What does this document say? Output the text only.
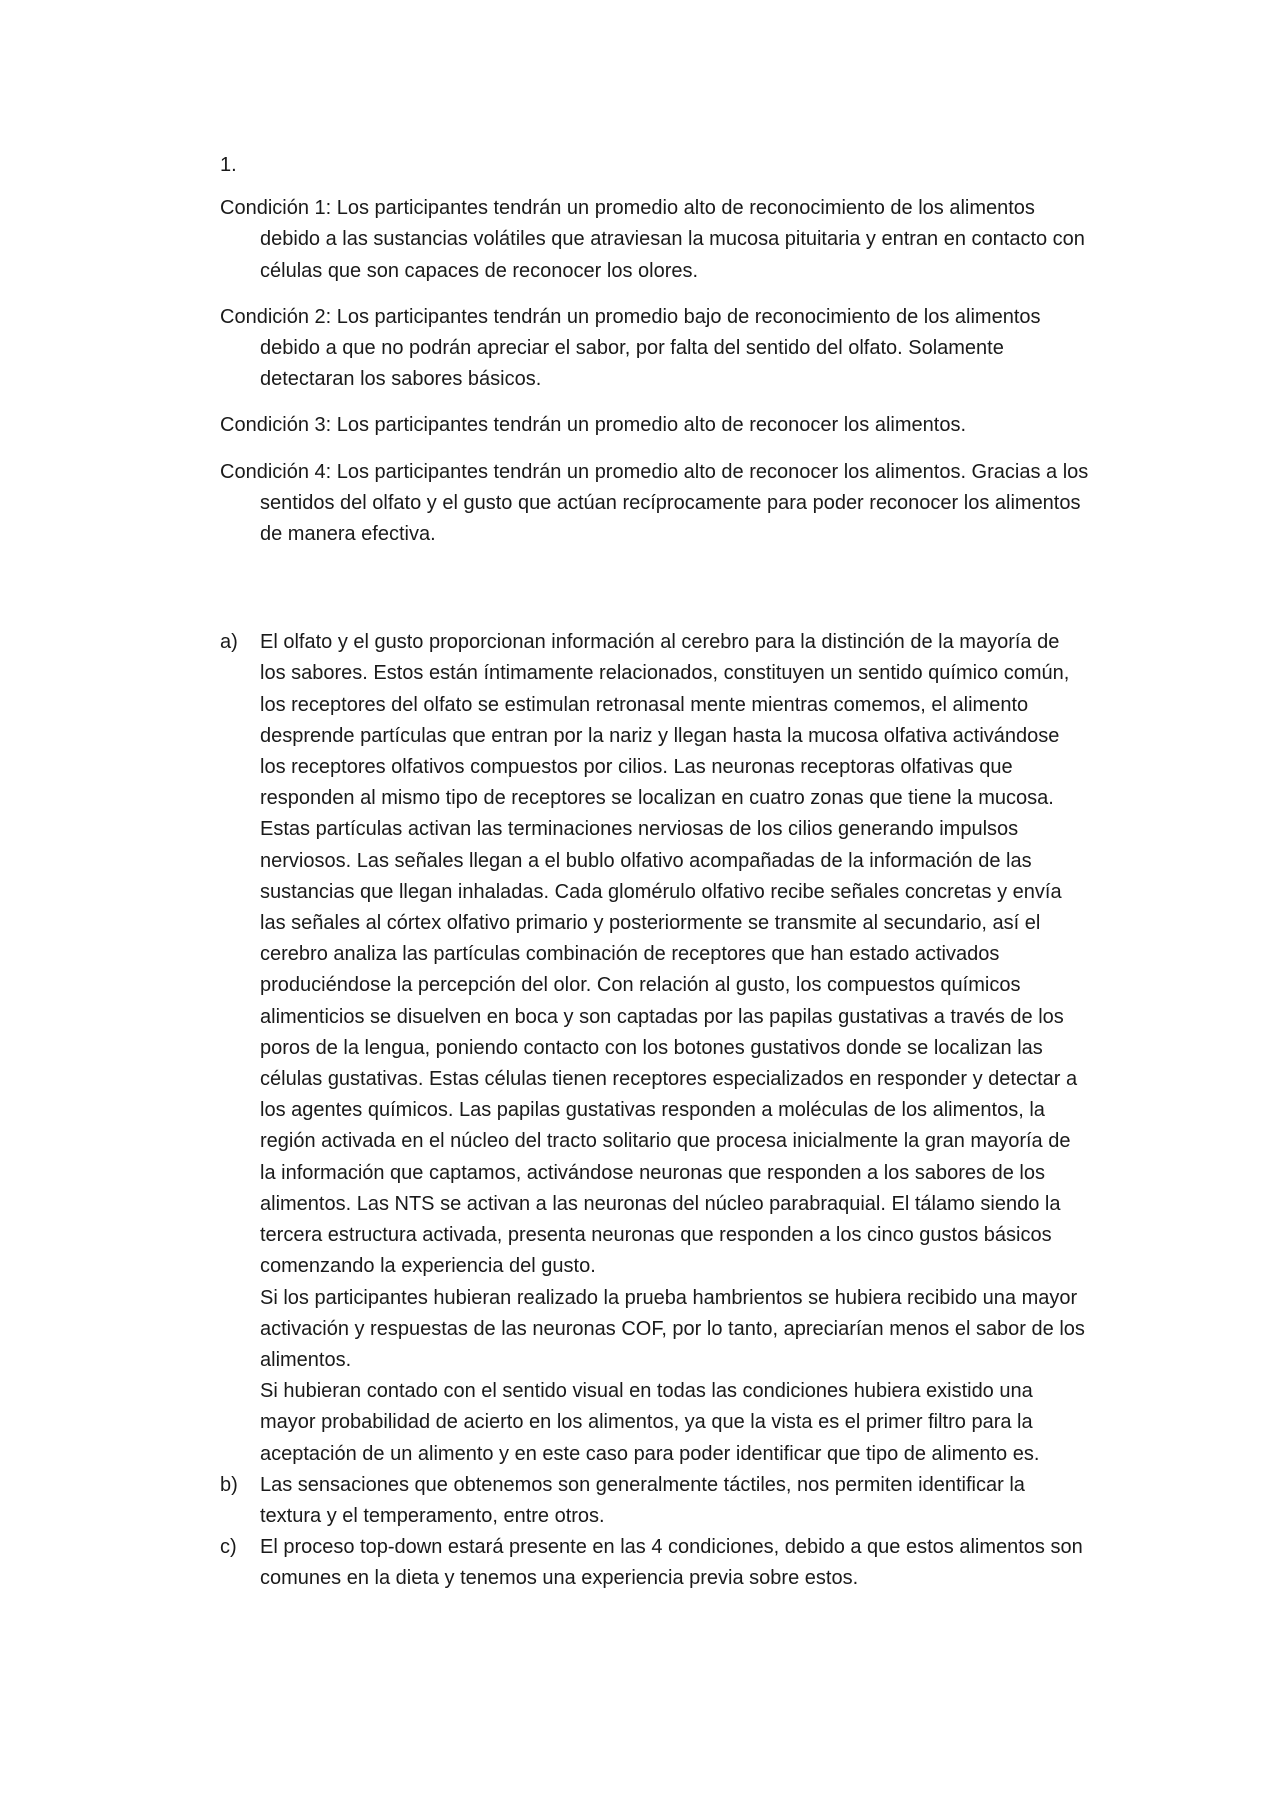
1.

Condición 1: Los participantes tendrán un promedio alto de reconocimiento de los alimentos debido a las sustancias volátiles que atraviesan la mucosa pituitaria y entran en contacto con células que son capaces de reconocer los olores.

Condición 2: Los participantes tendrán un promedio bajo de reconocimiento de los alimentos debido a que no podrán apreciar el sabor, por falta del sentido del olfato. Solamente detectaran los sabores básicos.

Condición 3: Los participantes tendrán un promedio alto de reconocer los alimentos.

Condición 4: Los participantes tendrán un promedio alto de reconocer los alimentos. Gracias a los sentidos del olfato y el gusto que actúan recíprocamente para poder reconocer los alimentos de manera efectiva.

a)	El olfato y el gusto proporcionan información al cerebro para la distinción de la mayoría de los sabores. Estos están íntimamente relacionados, constituyen un sentido químico común, los receptores del olfato se estimulan retronasal mente mientras comemos, el alimento desprende partículas que entran por la nariz y llegan hasta la mucosa olfativa activándose los receptores olfativos compuestos por cilios. Las neuronas receptoras olfativas que responden al mismo tipo de receptores se localizan en cuatro zonas que tiene la mucosa. Estas partículas activan las terminaciones nerviosas de los cilios generando impulsos nerviosos. Las señales llegan a el bublo olfativo acompañadas de la información de las sustancias que llegan inhaladas. Cada glomérulo olfativo recibe señales concretas y envía las señales al córtex olfativo primario y posteriormente se transmite al secundario, así el cerebro analiza las partículas combinación de receptores que han estado activados produciéndose la percepción del olor. Con relación al gusto, los compuestos químicos alimenticios se disuelven en boca y son captadas por las papilas gustativas a través de los poros de la lengua, poniendo contacto con los botones gustativos donde se localizan las células gustativas. Estas células tienen receptores especializados en responder y detectar a los agentes químicos. Las papilas gustativas responden a moléculas de los alimentos, la región activada en el núcleo del tracto solitario que procesa inicialmente la gran mayoría de la información que captamos, activándose neuronas que responden a los sabores de los alimentos. Las NTS se activan a las neuronas del núcleo parabraquial. El tálamo siendo la tercera estructura activada, presenta neuronas que responden a los cinco gustos básicos comenzando la experiencia del gusto.

Si los participantes hubieran realizado la prueba hambrientos se hubiera recibido una mayor activación y respuestas de las neuronas COF, por lo tanto, apreciarían menos el sabor de los alimentos.

Si hubieran contado con el sentido visual en todas las condiciones hubiera existido una mayor probabilidad de acierto en los alimentos, ya que la vista es el primer filtro para la aceptación de un alimento y en este caso para poder identificar que tipo de alimento es.

b)	Las sensaciones que obtenemos son generalmente táctiles, nos permiten identificar la textura y el temperamento, entre otros.

c)	El proceso top-down estará presente en las 4 condiciones, debido a que estos alimentos son comunes en la dieta y tenemos una experiencia previa sobre estos.
